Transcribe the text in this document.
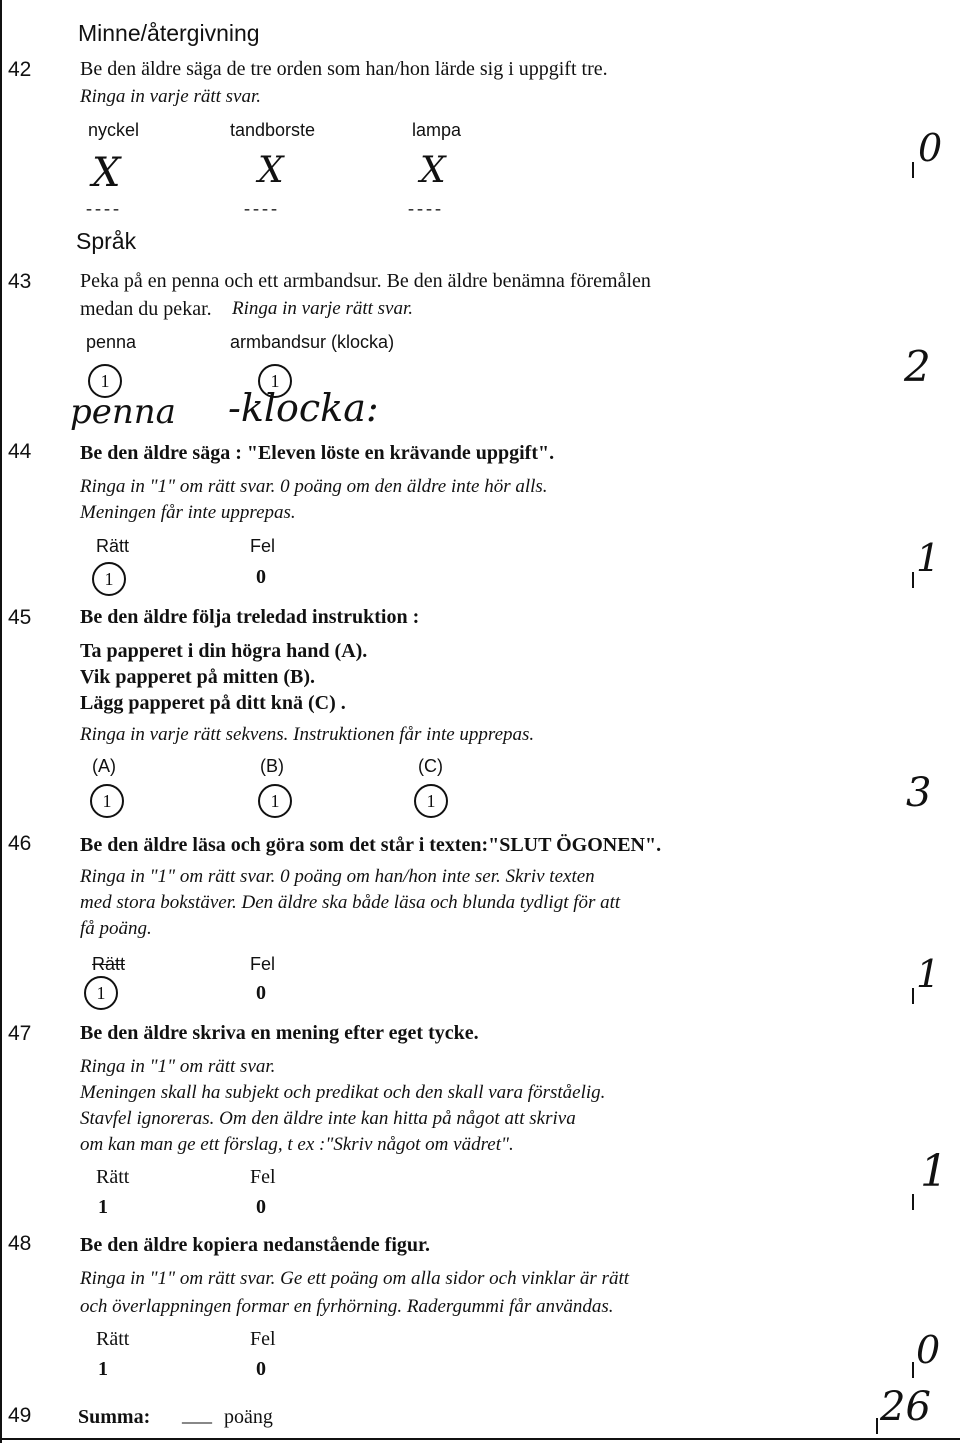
Minne/återgivning
42 Be den äldre säga de tre orden som han/hon lärde sig i uppgift tre.
Ringa in varje rätt svar.
nyckel	tandborste	lampa
X	X	X
----	----	----
0
Språk
43 Peka på en penna och ett armbandsur. Be den äldre benämna föremålen
medan du pekar. Ringa in varje rätt svar.
penna	armbandsur (klocka)
1	1
penna -klocka:
2
44 Be den äldre säga : "Eleven löste en krävande uppgift".
Ringa in "1" om rätt svar. 0 poäng om den äldre inte hör alls.
Meningen får inte upprepas.
Rätt	Fel
1	0	1
45 Be den äldre följa treledad instruktion :
Ta papperet i din högra hand (A).
Vik papperet på mitten (B).
Lägg papperet på ditt knä (C) .
Ringa in varje rätt sekvens. Instruktionen får inte upprepas.
(A)	(B)	(C)
1	1	1	3
46 Be den äldre läsa och göra som det står i texten:"SLUT ÖGONEN".
Ringa in "1" om rätt svar. 0 poäng om han/hon inte ser. Skriv texten
med stora bokstäver. Den äldre ska både läsa och blunda tydligt för att
få poäng.
Rätt	Fel
1	0	1
47 Be den äldre skriva en mening efter eget tycke.
Ringa in "1" om rätt svar.
Meningen skall ha subjekt och predikat och den skall vara förståelig.
Stavfel ignoreras. Om den äldre inte kan hitta på något att skriva
om kan man ge ett förslag, t ex :"Skriv något om vädret".
Rätt	Fel
1	0
1
48 Be den äldre kopiera nedanstående figur.
Ringa in "1" om rätt svar. Ge ett poäng om alla sidor och vinklar är rätt
och överlappningen formar en fyrhörning. Radergummi får användas.
Rätt	Fel
1	0	0
49 Summa: ___ poäng	26
